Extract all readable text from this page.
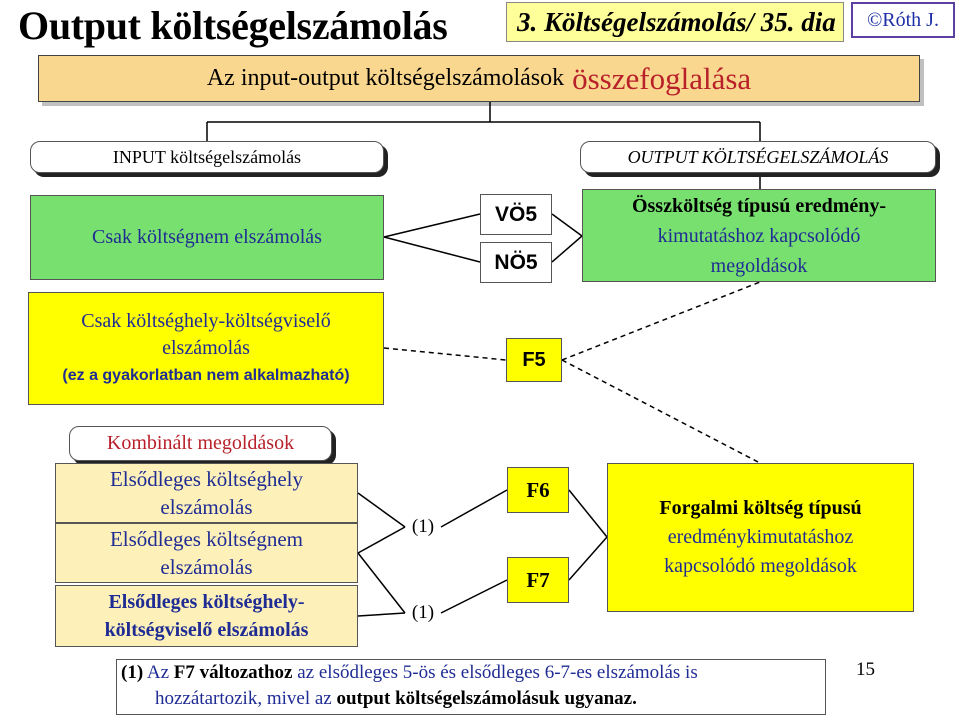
Output költségelszámolás	3. Költségelszámolás/ 35. dia	©Róth J.
Az input-output költségelszámolások összefoglalása
INPUT költségelszámolás	OUTPUT KÖLTSÉGELSZÁMOLÁS
Csak költségnem elszámolás
VÖ5
NÖ5
Összköltség típusú eredmény-
kimutatáshoz kapcsolódó
megoldások
Csak költséghely-költségviselő
elszámolás
(ez a gyakorlatban nem alkalmazható)
F5
Kombinált megoldások
Elsődleges költséghely
elszámolás
Elsődleges költségnem
elszámolás
Elsődleges költséghely-
költségviselő elszámolás
(1)
(1)
F6
F7
Forgalmi költség típusú
eredménykimutatáshoz
kapcsolódó megoldások
(1) Az F7 változathoz az elsődleges 5-ös és elsődleges 6-7-es elszámolás is
hozzátartozik, mivel az output költségelszámolásuk ugyanaz.
15
